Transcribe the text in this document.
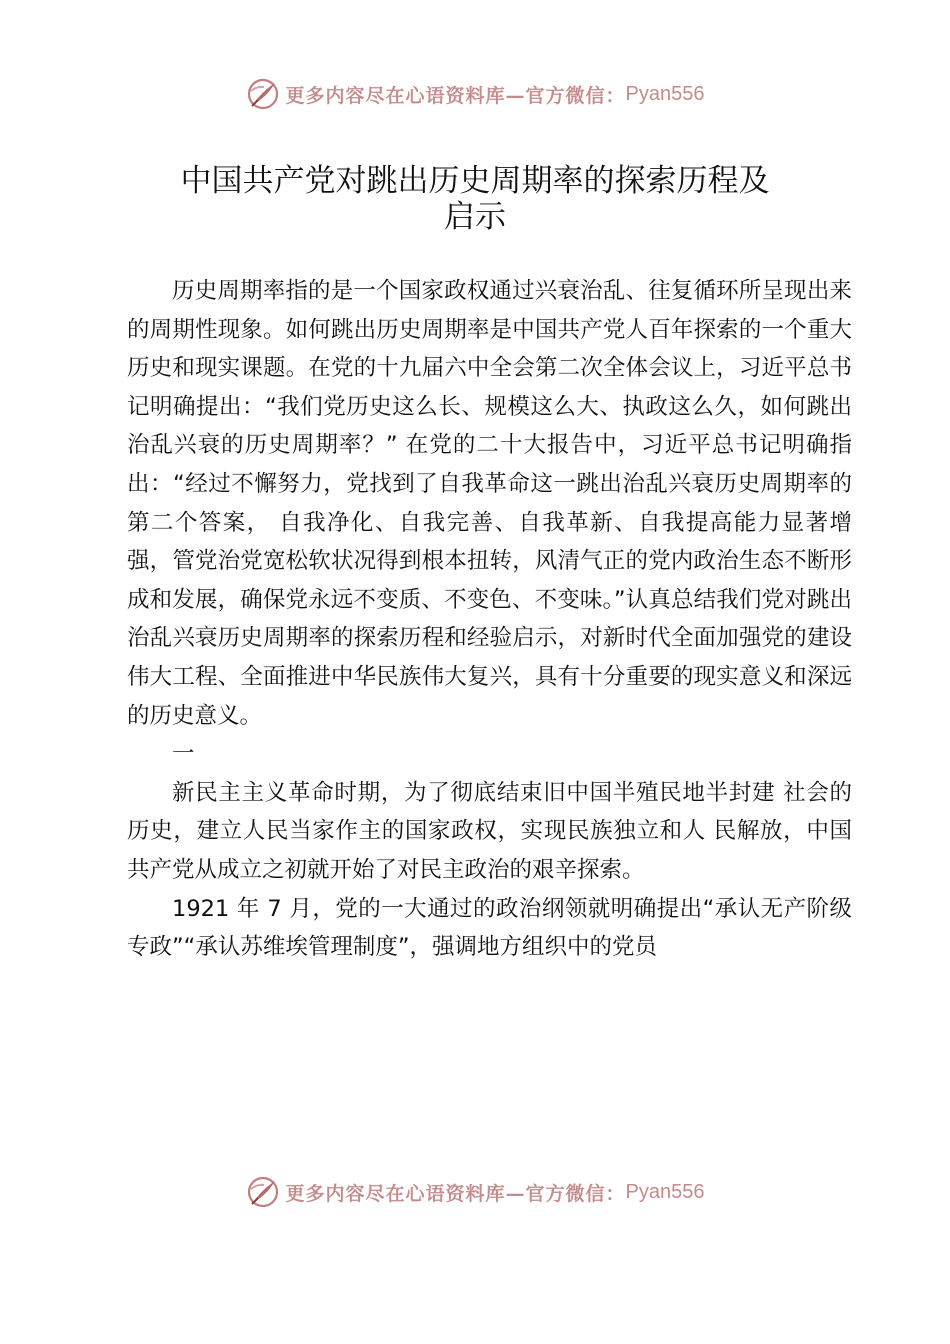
更多内容尽在心语资料库—官方微信： Pyan556
中国共产党对跳出历史周期率的探索历程及
启示

历史周期率指的是一个国家政权通过兴衰治乱、往复循环所呈现出来的周期性现象。如何跳出历史周期率是中国共产党人百年探索的一个重大历史和现实课题。在党的十九届六中全会第二次全体会议上，习近平总书记明确提出：“我们党历史这么长、规模这么大、执政这么久，如何跳出治乱兴衰的历史周期率？” 在党的二十大报告中，习近平总书记明确指出：“经过不懈努力，党找到了自我革命这一跳出治乱兴衰历史周期率的第二个答案， 自我净化、自我完善、自我革新、自我提高能力显著增强，管党治党宽松软状况得到根本扭转，风清气正的党内政治生态不断形成和发展，确保党永远不变质、不变色、不变味。”认真总结我们党对跳出治乱兴衰历史周期率的探索历程和经验启示，对新时代全面加强党的建设伟大工程、全面推进中华民族伟大复兴，具有十分重要的现实意义和深远的历史意义。

一

新民主主义革命时期，为了彻底结束旧中国半殖民地半封建 社会的历史，建立人民当家作主的国家政权，实现民族独立和人 民解放，中国共产党从成立之初就开始了对民主政治的艰辛探索。

1921 年 7 月，党的一大通过的政治纲领就明确提出“承认无产阶级专政”“承认苏维埃管理制度”，强调地方组织中的党员

更多内容尽在心语资料库—官方微信： Pyan556
